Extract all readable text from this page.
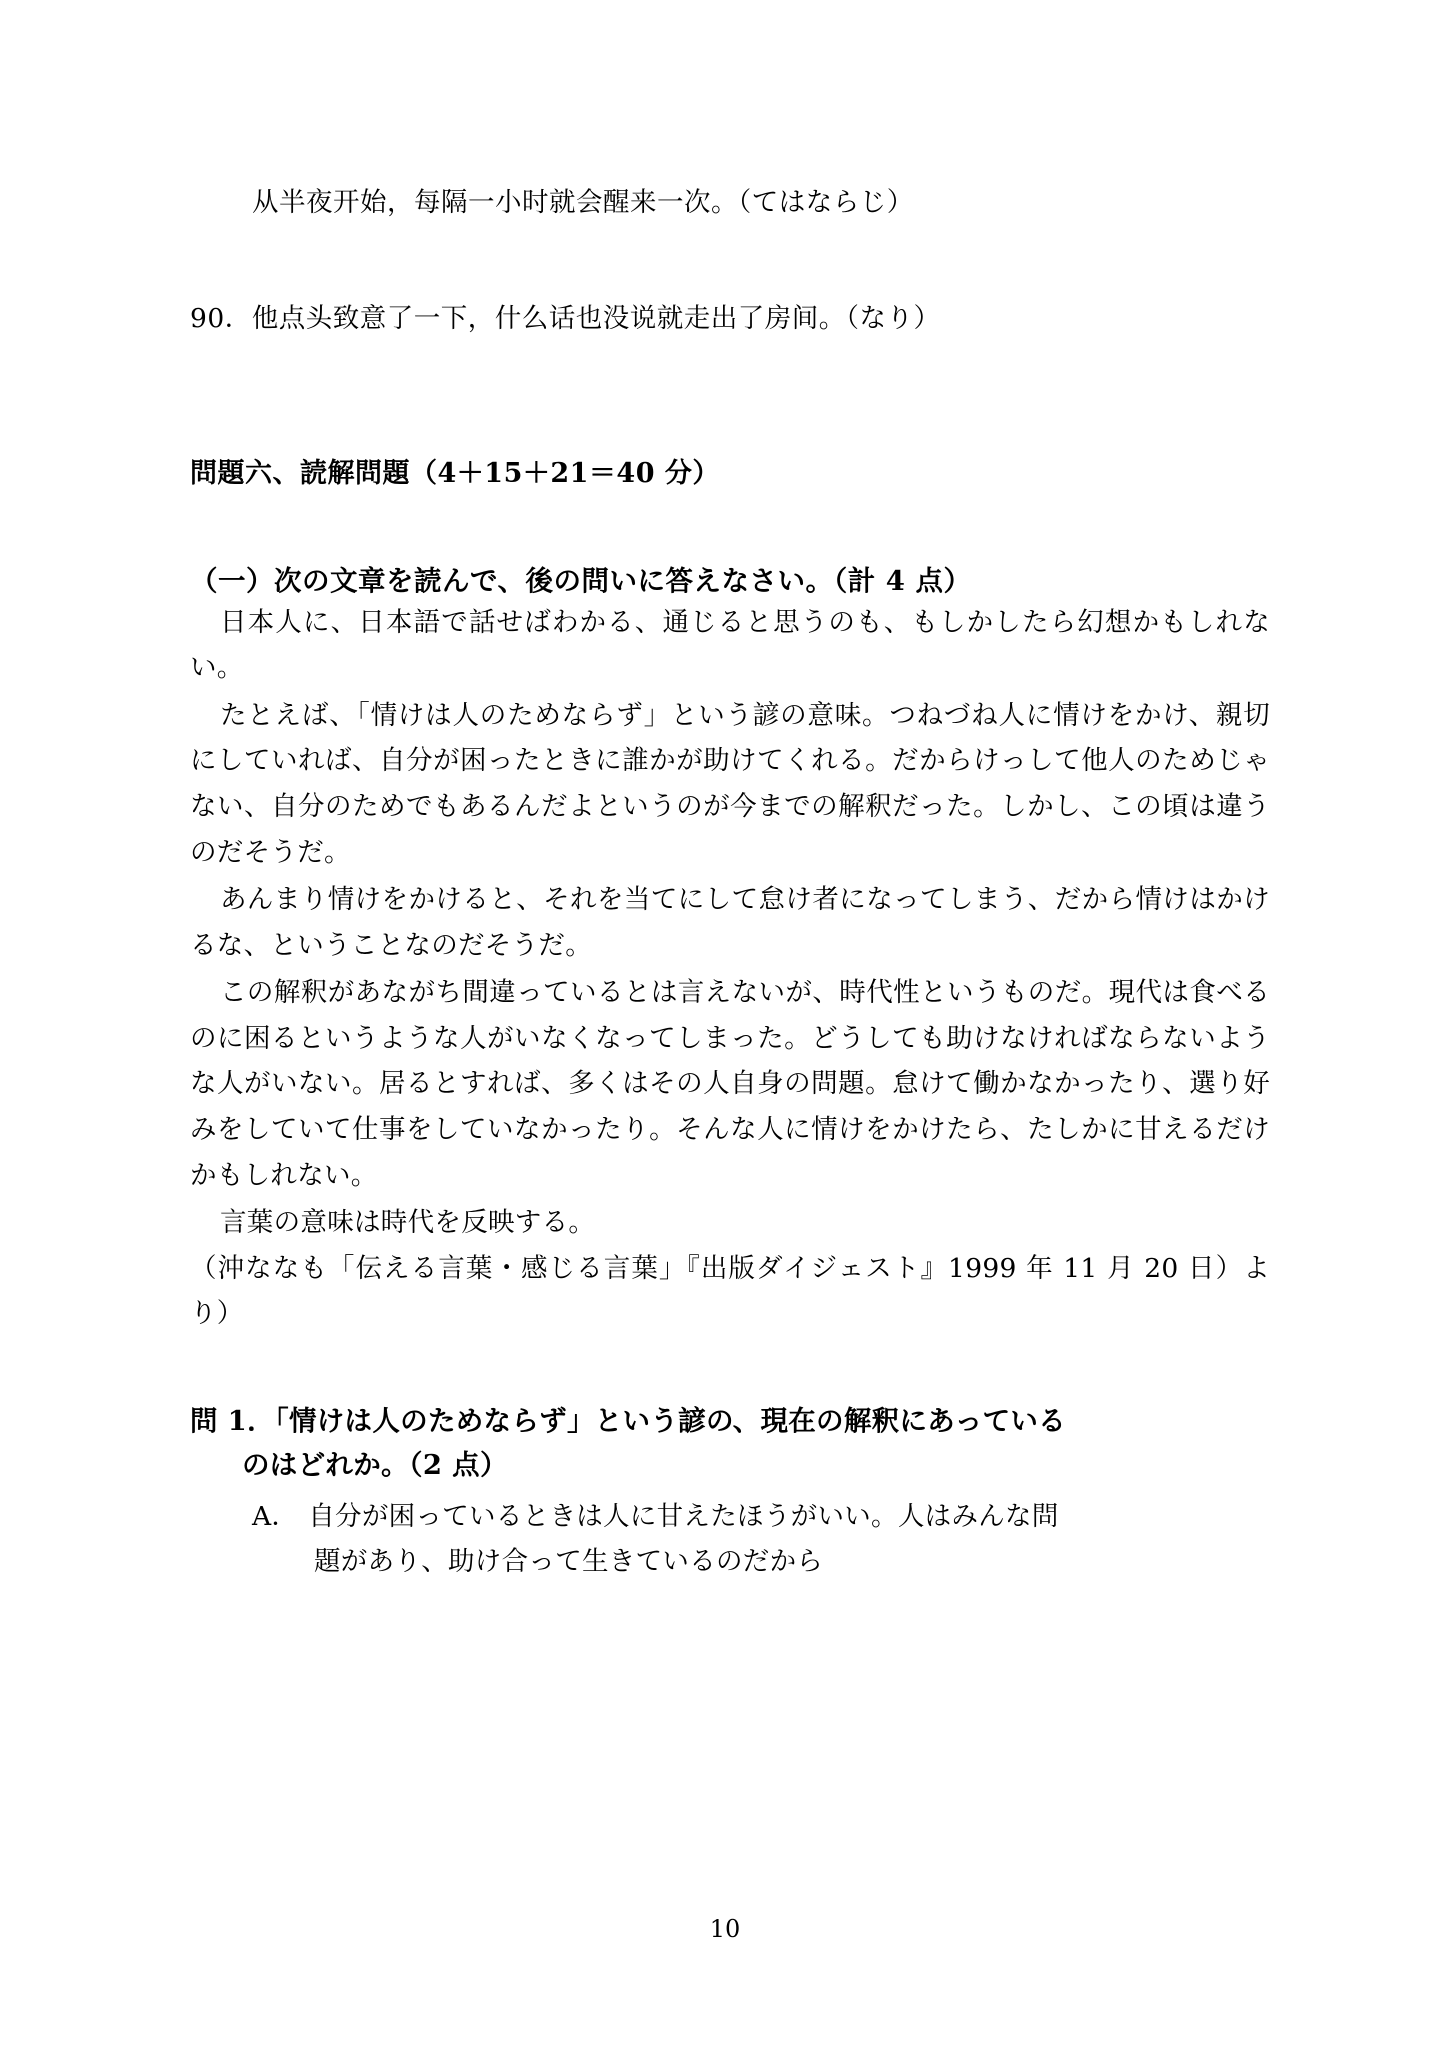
从半夜开始，每隔一小时就会醒来一次。（てはならじ）
90．他点头致意了一下，什么话也没说就走出了房间。（なり）
問題六、読解問題（4＋15＋21＝40 分）
（一）次の文章を読んで、後の問いに答えなさい。（計 4 点）
日本人に、日本語で話せばわかる、通じると思うのも、もしかしたら幻想かもしれない。
たとえば、「情けは人のためならず」という諺の意味。つねづね人に情けをかけ、親切にしていれば、自分が困ったときに誰かが助けてくれる。だからけっして他人のためじゃない、自分のためでもあるんだよというのが今までの解釈だった。しかし、この頃は違うのだそうだ。
あんまり情けをかけると、それを当てにして怠け者になってしまう、だから情けはかけるな、ということなのだそうだ。
この解釈があながち間違っているとは言えないが、時代性というものだ。現代は食べるのに困るというような人がいなくなってしまった。どうしても助けなければならないような人がいない。居るとすれば、多くはその人自身の問題。怠けて働かなかったり、選り好みをしていて仕事をしていなかったり。そんな人に情けをかけたら、たしかに甘えるだけかもしれない。
言葉の意味は時代を反映する。
（沖ななも「伝える言葉・感じる言葉」『出版ダイジェスト』1999 年 11 月 20 日）より）
問 1．「情けは人のためならず」という諺の、現在の解釈にあっている
のはどれか。（2 点）
A． 自分が困っているときは人に甘えたほうがいい。人はみんな問
題があり、助け合って生きているのだから
10
